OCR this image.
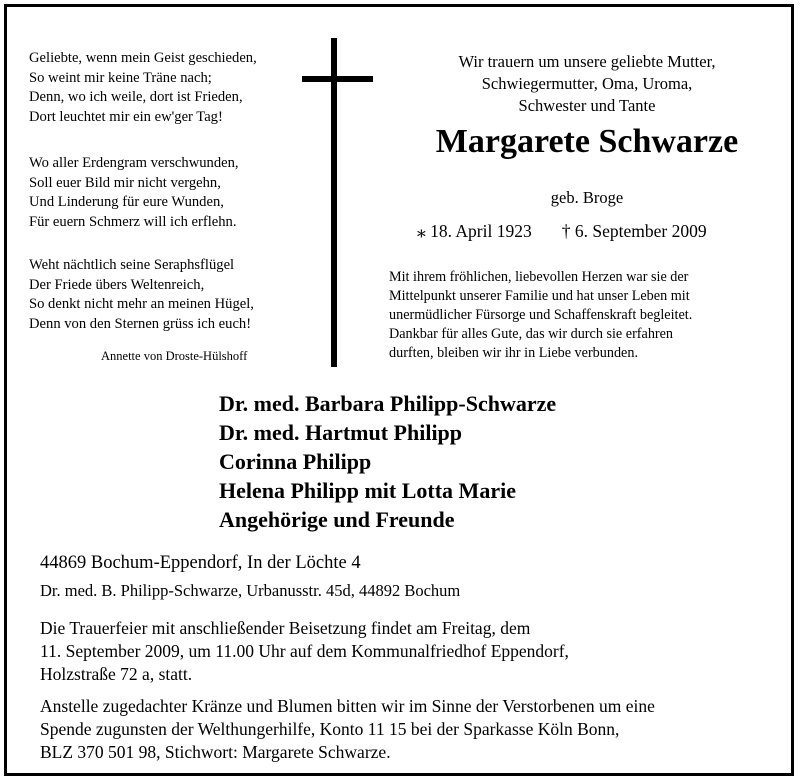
Geliebte, wenn mein Geist geschieden,
So weint mir keine Träne nach;
Denn, wo ich weile, dort ist Frieden,
Dort leuchtet mir ein ew'ger Tag!
Wo aller Erdengram verschwunden,
Soll euer Bild mir nicht vergehn,
Und Linderung für eure Wunden,
Für euern Schmerz will ich erflehn.
Weht nächtlich seine Seraphsflügel
Der Friede übers Weltenreich,
So denkt nicht mehr an meinen Hügel,
Denn von den Sternen grüss ich euch!
Annette von Droste-Hülshoff
Wir trauern um unsere geliebte Mutter,
Schwiegermutter, Oma, Uroma,
Schwester und Tante
Margarete Schwarze
geb. Broge
⁎ 18. April 1923 † 6. September 2009
Mit ihrem fröhlichen, liebevollen Herzen war sie der
Mittelpunkt unserer Familie und hat unser Leben mit
unermüdlicher Fürsorge und Schaffenskraft begleitet.
Dankbar für alles Gute, das wir durch sie erfahren
durften, bleiben wir ihr in Liebe verbunden.
Dr. med. Barbara Philipp-Schwarze
Dr. med. Hartmut Philipp
Corinna Philipp
Helena Philipp mit Lotta Marie
Angehörige und Freunde
44869 Bochum-Eppendorf, In der Löchte 4
Dr. med. B. Philipp-Schwarze, Urbanusstr. 45d, 44892 Bochum
Die Trauerfeier mit anschließender Beisetzung findet am Freitag, dem
11. September 2009, um 11.00 Uhr auf dem Kommunalfriedhof Eppendorf,
Holzstraße 72 a, statt.
Anstelle zugedachter Kränze und Blumen bitten wir im Sinne der Verstorbenen um eine
Spende zugunsten der Welthungerhilfe, Konto 11 15 bei der Sparkasse Köln Bonn,
BLZ 370 501 98, Stichwort: Margarete Schwarze.
